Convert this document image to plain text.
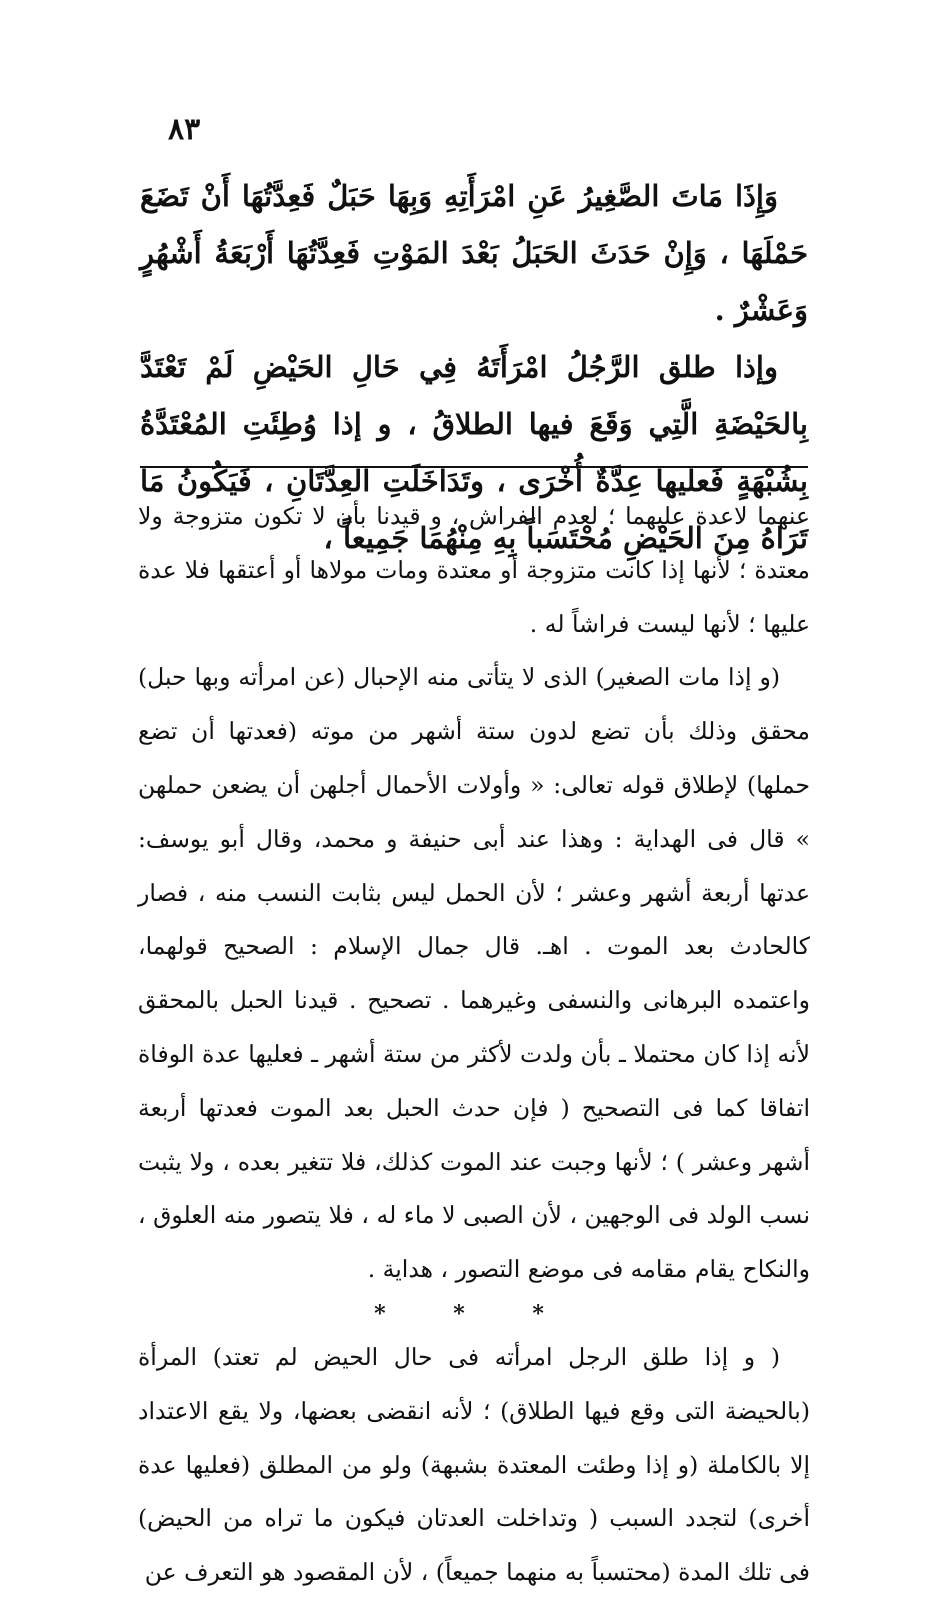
٨٣

وَإِذَا مَاتَ الصَّغِيرُ عَنِ امْرَأَتِهِ وَبِهَا حَبَلٌ فَعِدَّتُهَا أَنْ تَضَعَ حَمْلَهَا ، وَإِنْ حَدَثَ الحَبَلُ بَعْدَ المَوْتِ فَعِدَّتُهَا أَرْبَعَةُ أَشْهُرٍ وَعَشْرٌ .

وإذا طلق الرَّجُلُ امْرَأَتَهُ فِي حَالِ الحَيْضِ لَمْ تَعْتَدَّ بِالحَيْضَةِ الَّتِي وَقَعَ فيها الطلاقُ ، و إذا وُطِئَتِ المُعْتَدَّةُ بِشُبْهَةٍ فَعليها عِدَّةٌ أُخْرَى ، وتَدَاخَلَتِ العِدَّتَانِ ، فَيَكُونُ مَا تَرَاهُ مِنَ الحَيْضِ مُحْتَسَباً بِهِ مِنْهُمَا جَمِيعاً ،

عنهما لاعدة عليهما ؛ لعدم الفراش ، و قيدنا بأن لا تكون متزوجة ولا معتدة ؛ لأنها إذا كانت متزوجة أو معتدة ومات مولاها أو أعتقها فلا عدة عليها ؛ لأنها ليست فراشاً له .

(و إذا مات الصغير) الذى لا يتأتى منه الإحبال (عن امرأته وبها حبل) محقق وذلك بأن تضع لدون ستة أشهر من موته (فعدتها أن تضع حملها) لإطلاق قوله تعالى: « وأولات الأحمال أجلهن أن يضعن حملهن » قال فى الهداية : وهذا عند أبى حنيفة و محمد، وقال أبو يوسف: عدتها أربعة أشهر وعشر ؛ لأن الحمل ليس بثابت النسب منه ، فصار كالحادث بعد الموت . اهـ. قال جمال الإسلام : الصحيح قولهما، واعتمده البرهانى والنسفى وغيرهما . تصحيح . قيدنا الحبل بالمحقق لأنه إذا كان محتملا ـ بأن ولدت لأكثر من ستة أشهر ـ فعليها عدة الوفاة اتفاقا كما فى التصحيح ( فإن حدث الحبل بعد الموت فعدتها أربعة أشهر وعشر ) ؛ لأنها وجبت عند الموت كذلك، فلا تتغير بعده ، ولا يثبت نسب الولد فى الوجهين ، لأن الصبى لا ماء له ، فلا يتصور منه العلوق ، والنكاح يقام مقامه فى موضع التصور ، هداية .

* * *

( و إذا طلق الرجل امرأته فى حال الحيض لم تعتد) المرأة (بالحيضة التى وقع فيها الطلاق) ؛ لأنه انقضى بعضها، ولا يقع الاعتداد إلا بالكاملة (و إذا وطئت المعتدة بشبهة) ولو من المطلق (فعليها عدة أخرى) لتجدد السبب ( وتداخلت العدتان فيكون ما تراه من الحيض) فى تلك المدة (محتسباً به منهما جميعاً) ، لأن المقصود هو التعرف عن
